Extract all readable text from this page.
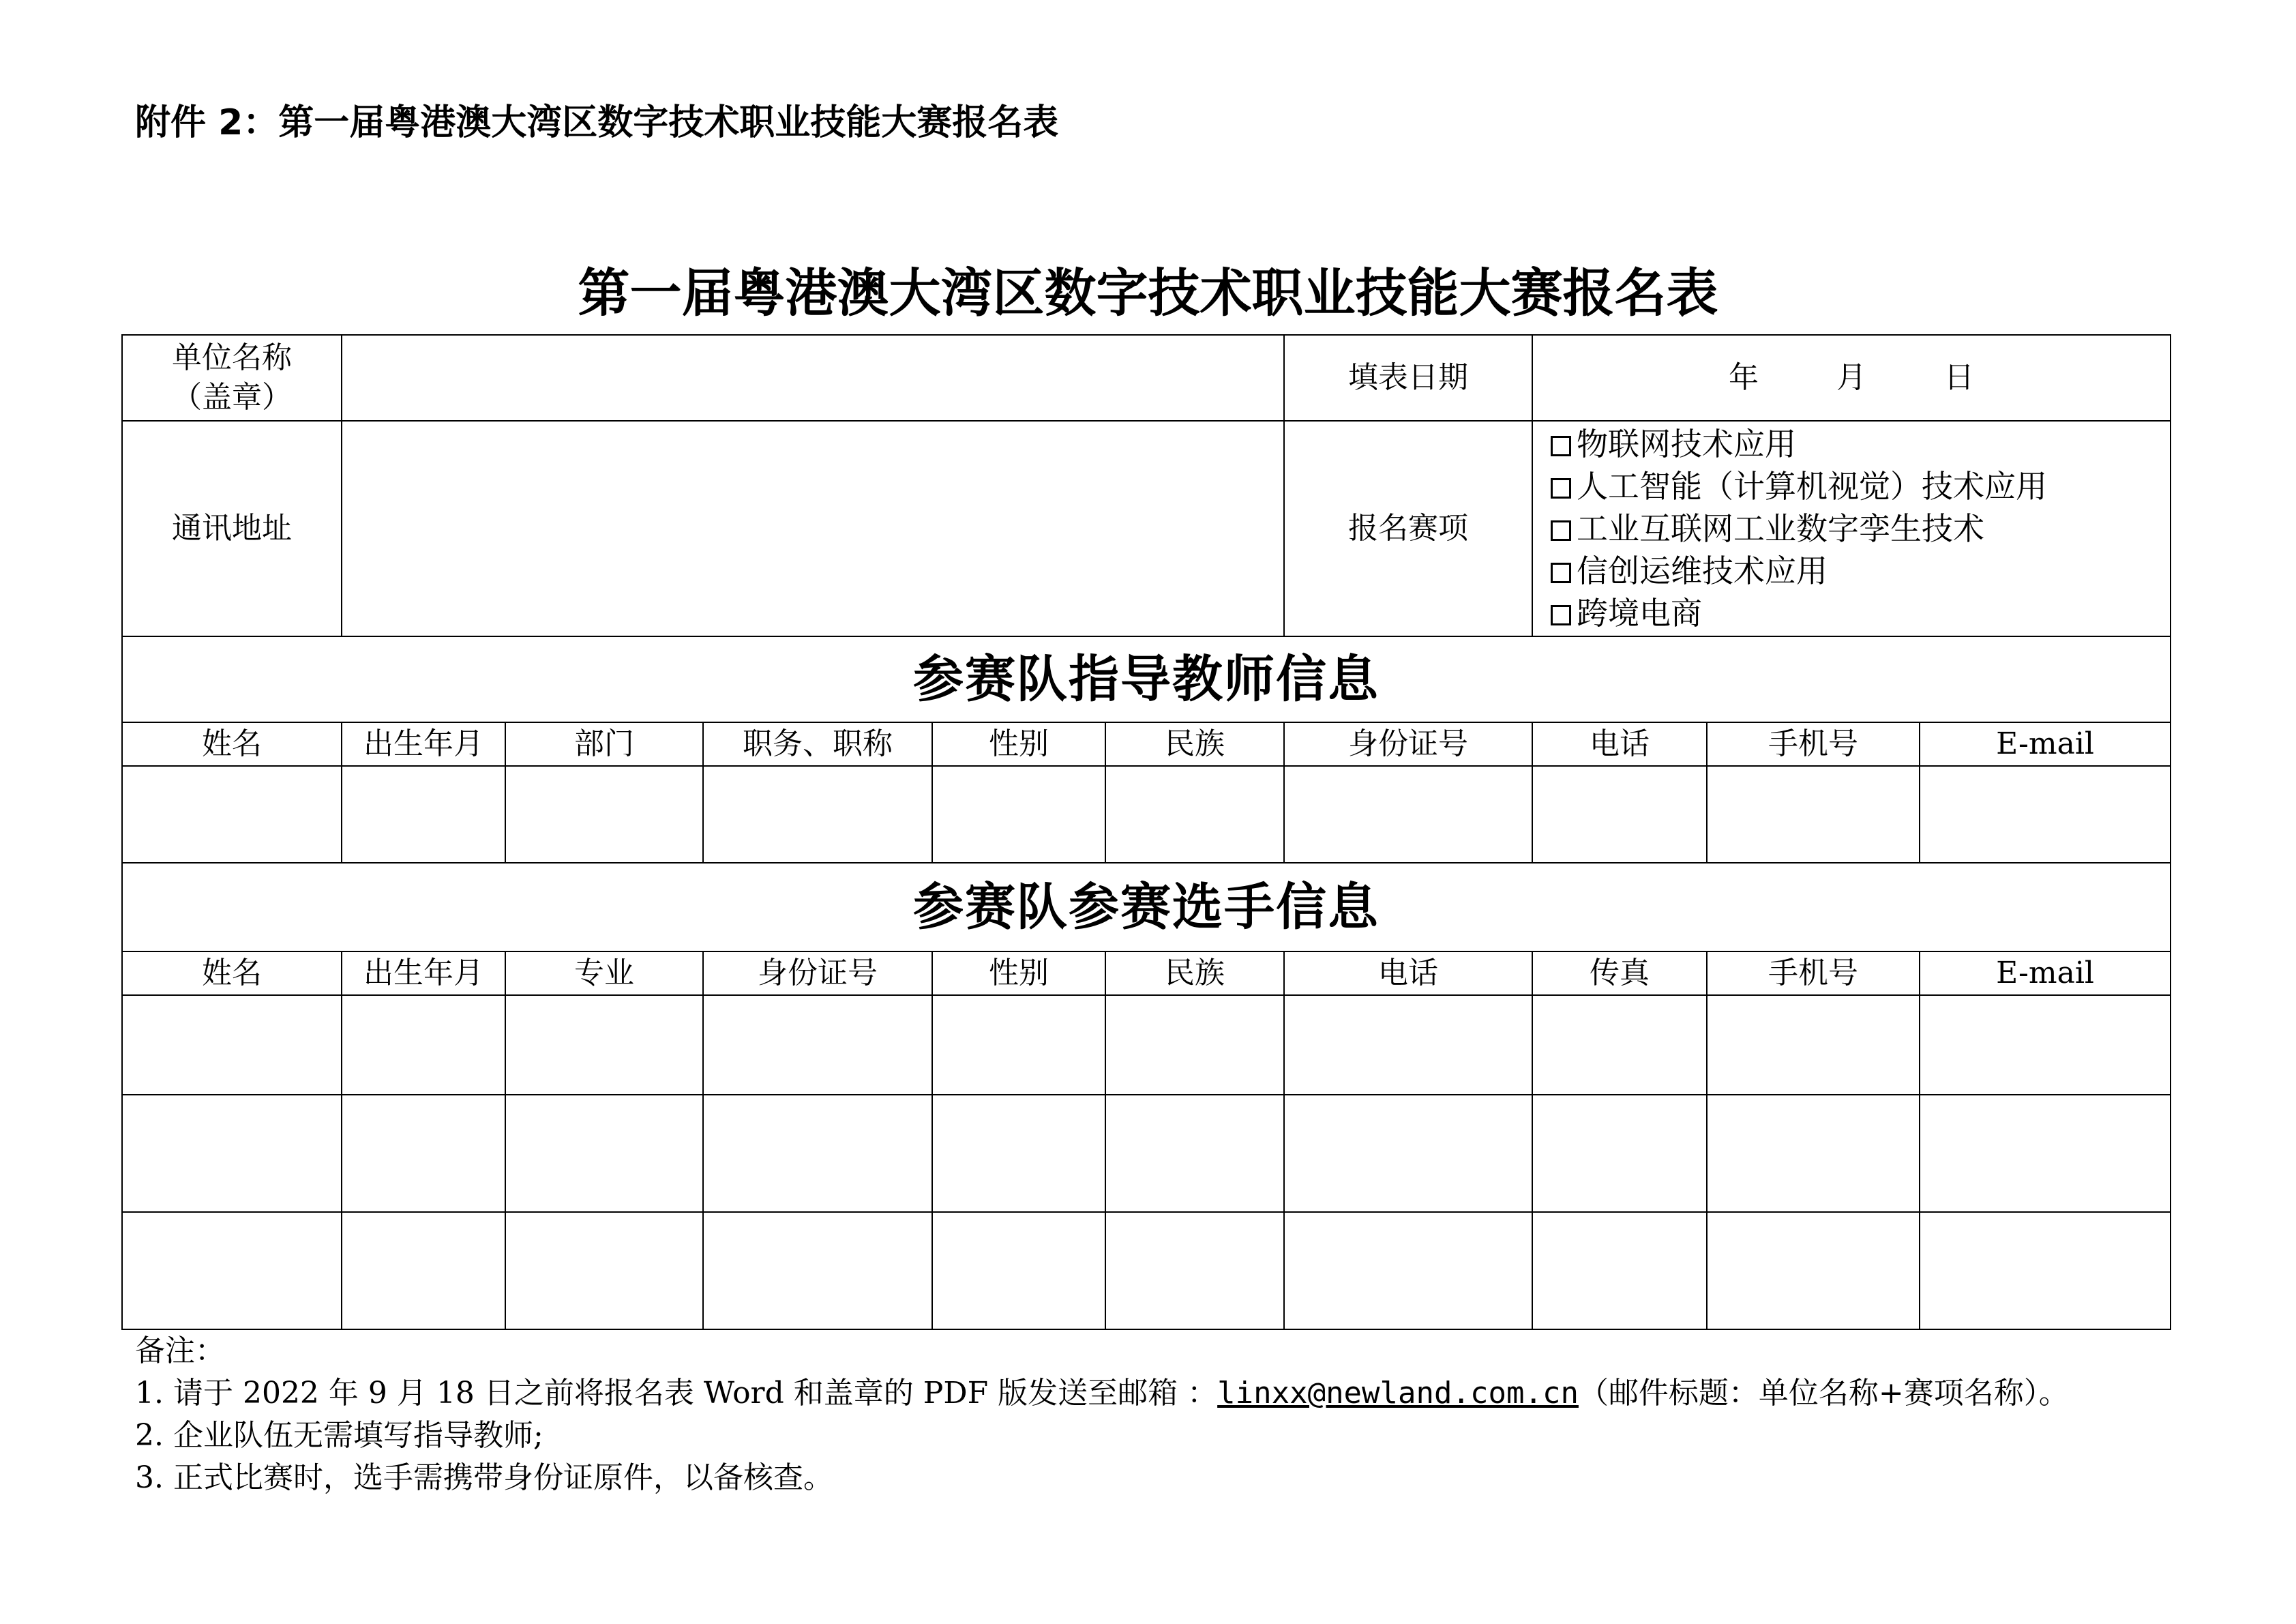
附件 2：第一届粤港澳大湾区数字技术职业技能大赛报名表
第一届粤港澳大湾区数字技术职业技能大赛报名表
单位名称
（盖章）						填表日期	年 月 日		
通讯地址						报名赛项	物联网技术应用
人工智能（计算机视觉）技术应用
工业互联网工业数字孪生技术
信创运维技术应用
跨境电商		

参赛队指导教师信息									
姓名	出生年月	部门	职务、职称	性别	民族	身份证号	电话	手机号	E-mail

参赛队参赛选手信息									
姓名	出生年月	专业	身份证号	性别	民族	电话	传真	手机号	E-mail

备注：

1. 请于 2022 年 9 月 18 日之前将报名表 Word 和盖章的 PDF 版发送至邮箱 ：linxx@newland.com.cn（邮件标题：单位名称+赛项名称）。

2. 企业队伍无需填写指导教师;

3. 正式比赛时，选手需携带身份证原件，以备核查。
